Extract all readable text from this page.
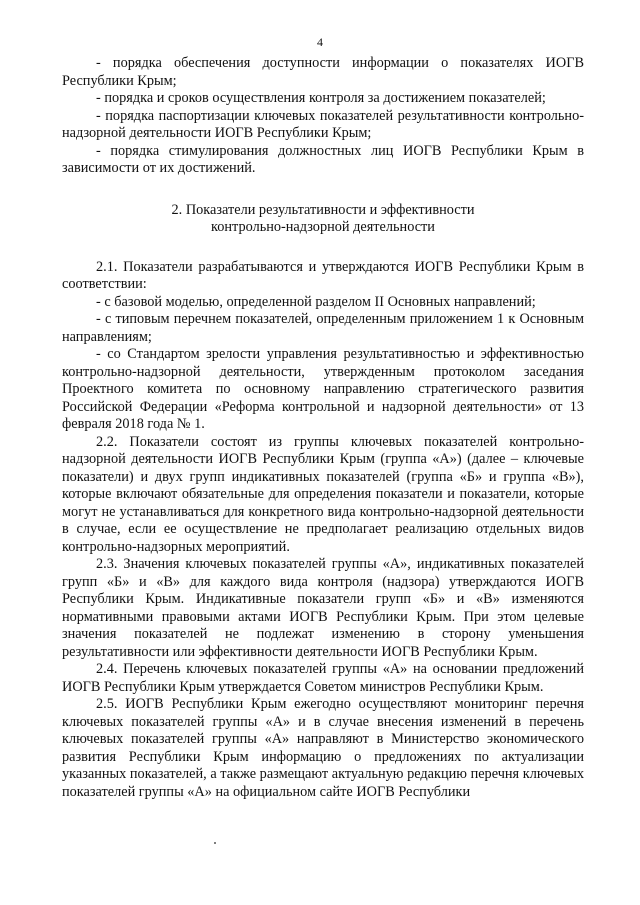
4

- порядка обеспечения доступности информации о показателях ИОГВ Республики Крым;

- порядка и сроков осуществления контроля за достижением показателей;

- порядка паспортизации ключевых показателей результативности контрольно-надзорной деятельности ИОГВ Республики Крым;

- порядка стимулирования должностных лиц ИОГВ Республики Крым в зависимости от их достижений.

2. Показатели результативности и эффективности
контрольно-надзорной деятельности

2.1. Показатели разрабатываются и утверждаются ИОГВ Республики Крым в соответствии:

- с базовой моделью, определенной разделом II Основных направлений;

- с типовым перечнем показателей, определенным приложением 1 к Основным направлениям;

- со Стандартом зрелости управления результативностью и эффективностью контрольно-надзорной деятельности, утвержденным протоколом заседания Проектного комитета по основному направлению стратегического развития Российской Федерации «Реформа контрольной и надзорной деятельности» от 13 февраля 2018 года № 1.

2.2. Показатели состоят из группы ключевых показателей контрольно-надзорной деятельности ИОГВ Республики Крым (группа «А») (далее – ключевые показатели) и двух групп индикативных показателей (группа «Б» и группа «В»), которые включают обязательные для определения показатели и показатели, которые могут не устанавливаться для конкретного вида контрольно-надзорной деятельности в случае, если ее осуществление не предполагает реализацию отдельных видов контрольно-надзорных мероприятий.

2.3. Значения ключевых показателей группы «А», индикативных показателей групп «Б» и «В» для каждого вида контроля (надзора) утверждаются ИОГВ Республики Крым. Индикативные показатели групп «Б» и «В» изменяются нормативными правовыми актами ИОГВ Республики Крым. При этом целевые значения показателей не подлежат изменению в сторону уменьшения результативности или эффективности деятельности ИОГВ Республики Крым.

2.4. Перечень ключевых показателей группы «А» на основании предложений ИОГВ Республики Крым утверждается Советом министров Республики Крым.

2.5. ИОГВ Республики Крым ежегодно осуществляют мониторинг перечня ключевых показателей группы «А» и в случае внесения изменений в перечень ключевых показателей группы «А» направляют в Министерство экономического развития Республики Крым информацию о предложениях по актуализации указанных показателей, а также размещают актуальную редакцию перечня ключевых показателей группы «А» на официальном сайте ИОГВ Республики
